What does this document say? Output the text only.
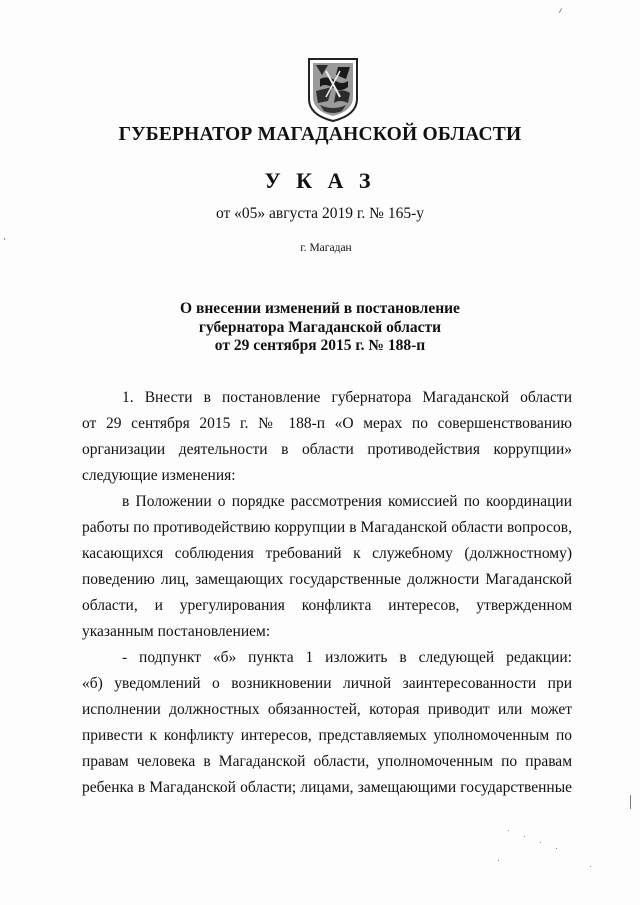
ГУБЕРНАТОР МАГАДАНСКОЙ ОБЛАСТИ
У К А З
от «05» августа 2019 г. № 165-у
г. Магадан
О внесении изменений в постановление
губернатора Магаданской области
от 29 сентября 2015 г. № 188-п
1. Внести в постановление губернатора Магаданской области
от 29 сентября 2015 г. № 188-п «О мерах по совершенствованию
организации деятельности в области противодействия коррупции»
следующие изменения:
в Положении о порядке рассмотрения комиссией по координации
работы по противодействию коррупции в Магаданской области вопросов,
касающихся соблюдения требований к служебному (должностному)
поведению лиц, замещающих государственные должности Магаданской
области, и урегулирования конфликта интересов, утвержденном
указанным постановлением:
- подпункт «б» пункта 1 изложить в следующей редакции:
«б) уведомлений о возникновении личной заинтересованности при
исполнении должностных обязанностей, которая приводит или может
привести к конфликту интересов, представляемых уполномоченным по
правам человека в Магаданской области, уполномоченным по правам
ребенка в Магаданской области; лицами, замещающими государственные
